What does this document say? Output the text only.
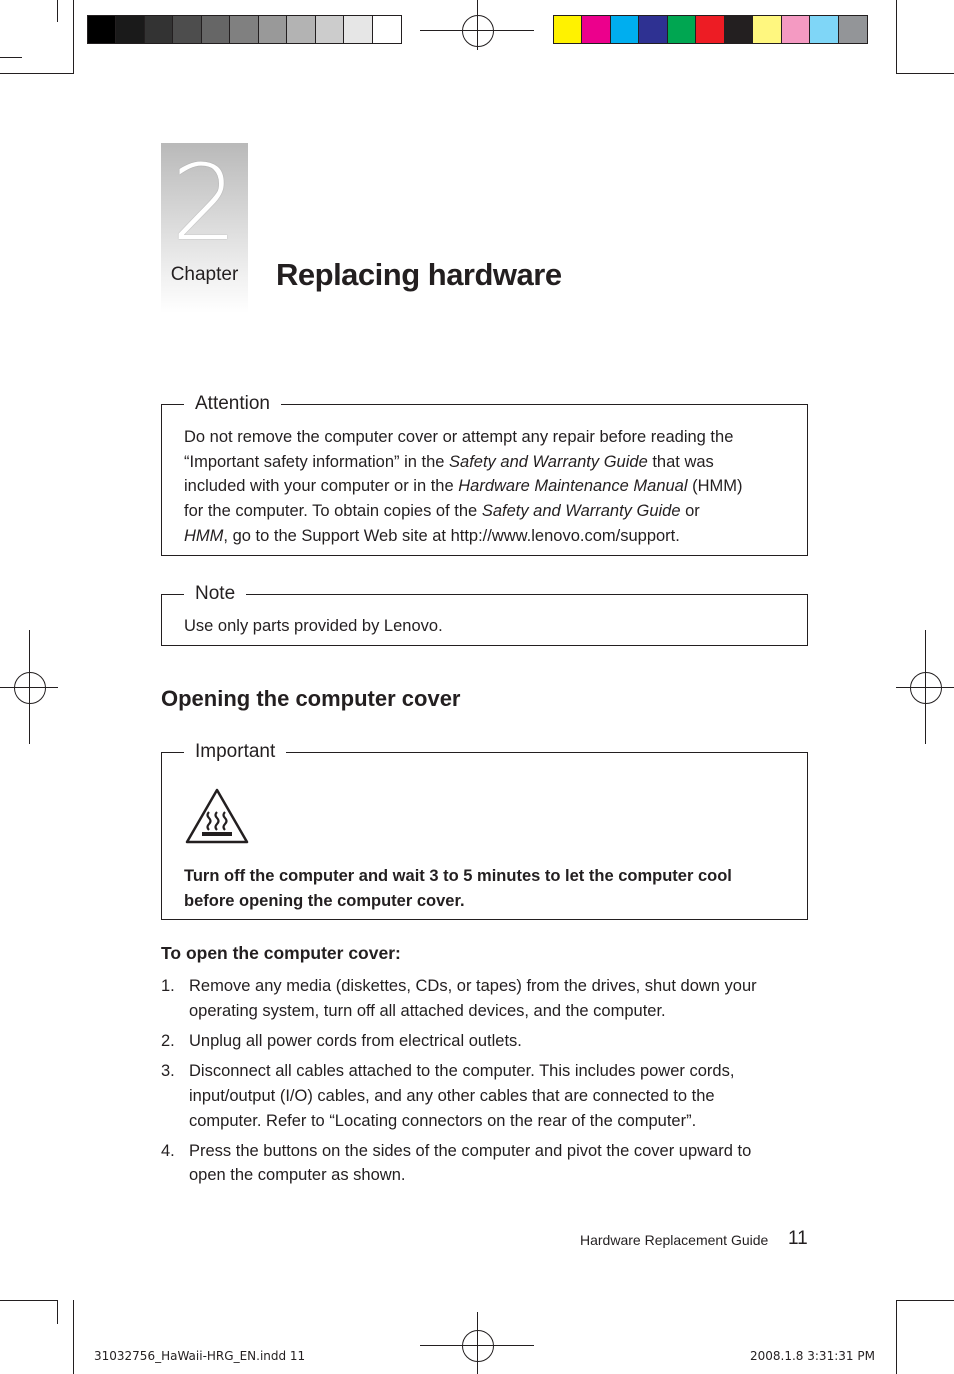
2
Chapter	Replacing hardware
Attention
Do not remove the computer cover or attempt any repair before reading the
“Important safety information” in the Safety and Warranty Guide that was
included with your computer or in the Hardware Maintenance Manual (HMM)
for the computer. To obtain copies of the Safety and Warranty Guide or
HMM, go to the Support Web site at http://www.lenovo.com/support.
Note
Use only parts provided by Lenovo.
Opening the computer cover
Important
Turn off the computer and wait 3 to 5 minutes to let the computer cool
before opening the computer cover.
To open the computer cover:
1. Remove any media (diskettes, CDs, or tapes) from the drives, shut down your
operating system, turn off all attached devices, and the computer.
2. Unplug all power cords from electrical outlets.
3. Disconnect all cables attached to the computer. This includes power cords,
input/output (I/O) cables, and any other cables that are connected to the
computer. Refer to “Locating connectors on the rear of the computer”.
4. Press the buttons on the sides of the computer and pivot the cover upward to
open the computer as shown.
Hardware Replacement Guide 11
31032756_HaWaii-HRG_EN.indd 11	2008.1.8 3:31:31 PM
